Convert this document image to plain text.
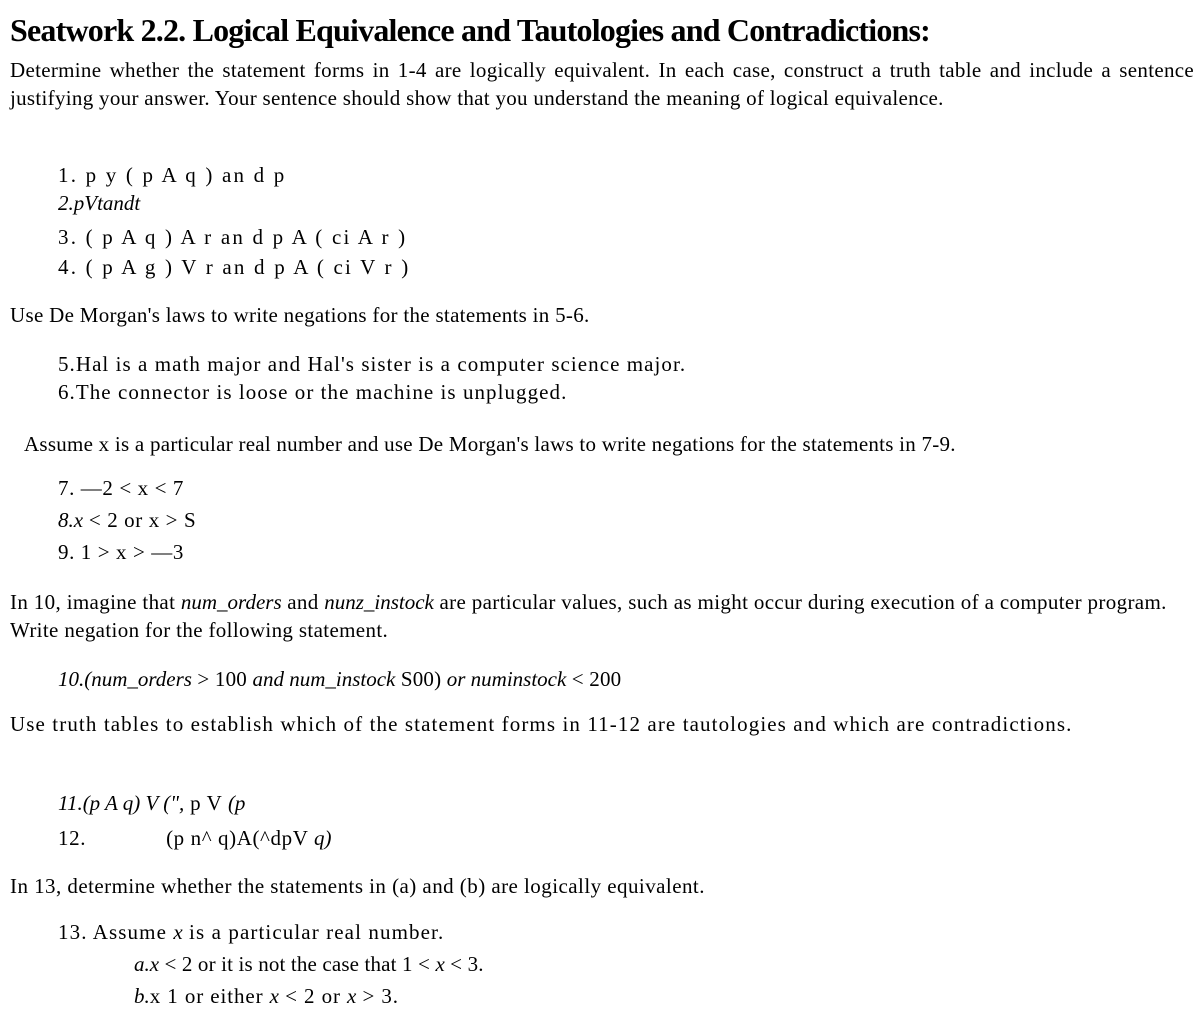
Seatwork 2.2. Logical Equivalence and Tautologies and Contradictions:
Determine whether the statement forms in 1-4 are logically equivalent. In each case, construct a truth table and include a sentence justifying your answer. Your sentence should show that you understand the meaning of logical equivalence.
1. p y ( p A q ) an d p
2.pVtandt
3. ( p A q ) A r an d p A ( ci A r )
4. ( p A g ) V r an d p A ( ci V r )
Use De Morgan's laws to write negations for the statements in 5-6.
5.Hal is a math major and Hal's sister is a computer science major.
6.The connector is loose or the machine is unplugged.
Assume x is a particular real number and use De Morgan's laws to write negations for the statements in 7-9.
7. —2 < x < 7
8.x < 2 or x > S
9. 1 > x > —3
In 10, imagine that num_orders and nunz_instock are particular values, such as might occur during execution of a computer program. Write negation for the following statement.
10.(num_orders > 100 and num_instock S00) or numinstock < 200
Use truth tables to establish which of the statement forms in 11-12 are tautologies and which are contradictions.
11.(p A q) V (", p V (p
12.	(p n^ q)A(^dpV q)
In 13, determine whether the statements in (a) and (b) are logically equivalent.
13. Assume x is a particular real number.
a.x < 2 or it is not the case that 1 < x < 3.
b.x 1 or either x < 2 or x > 3.
